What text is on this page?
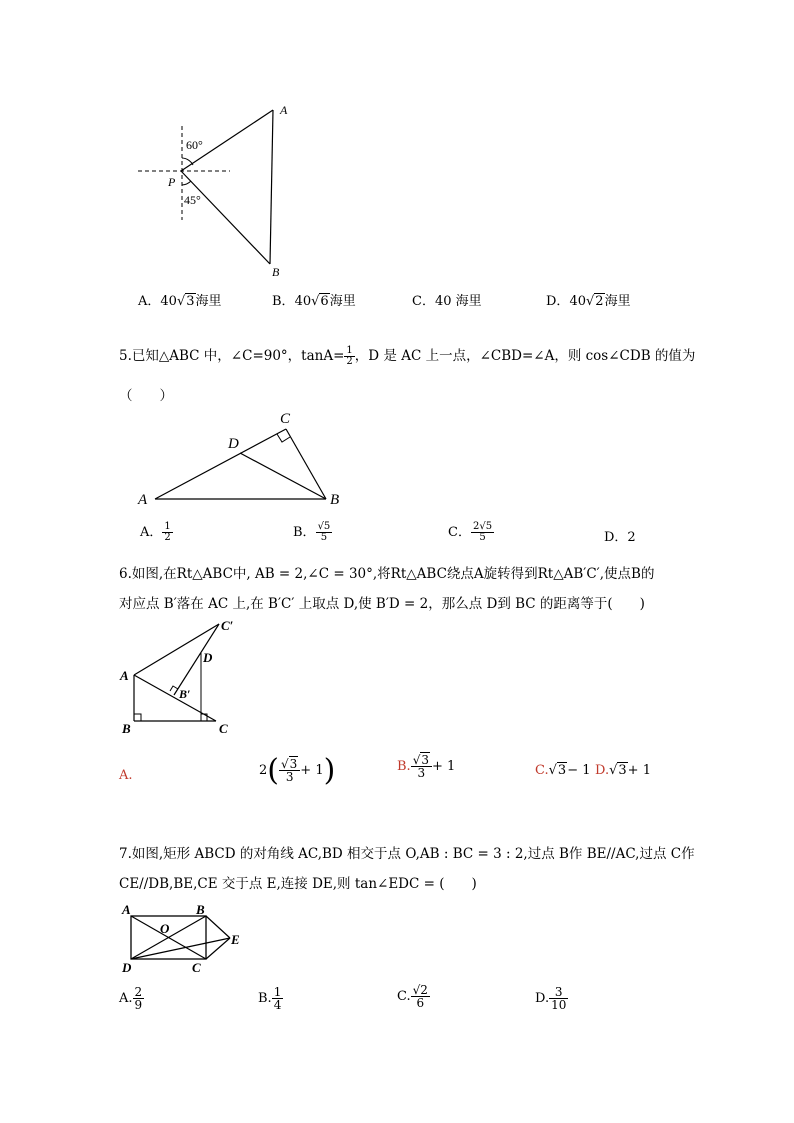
A
B
P
60°
45°
A．40√3海里	B．40√6海里	C．40 海里	D．40√2海里
5.已知△ABC 中，∠C=90°，$\tan A= \frac{1}{2}$ ，D 是 AC 上一点，∠CBD=∠A，则 cos∠CDB 的值为
（　　）
A	B
C
D
A． $\frac{1}{2}$	B． $\frac{√5}{5}$	C． $\frac{2√5}{5}$	D．2
6.如图,在Rt△ABC中, AB = 2,∠C = 30°,将Rt△ABC绕点A旋转得到Rt△AB′C′,使点B的
对应点 B′落在 AC 上,在 B′C′ 上取点 D,使 B′D = 2，那么点 D到 BC 的距离等于(　　)
A
B	C
C′
D
B′
A.	$2( \frac{√3}{3} + 1)$	B. $\frac{√3}{3} + 1$	C.√3− 1 D.√3+ 1
7.如图,矩形 ABCD 的对角线 AC,BD 相交于点 O,AB : BC = 3 : 2,过点 B作 BE//AC,过点 C作
CE//DB,BE,CE 交于点 E,连接 DE,则 tan∠EDC = (　　)
A	B
C
D
O
E
A. $\frac{2}{9}$	B. $\frac{1}{4}$	C. $\frac{√2}{6}$	D. $\frac{3}{10}$
